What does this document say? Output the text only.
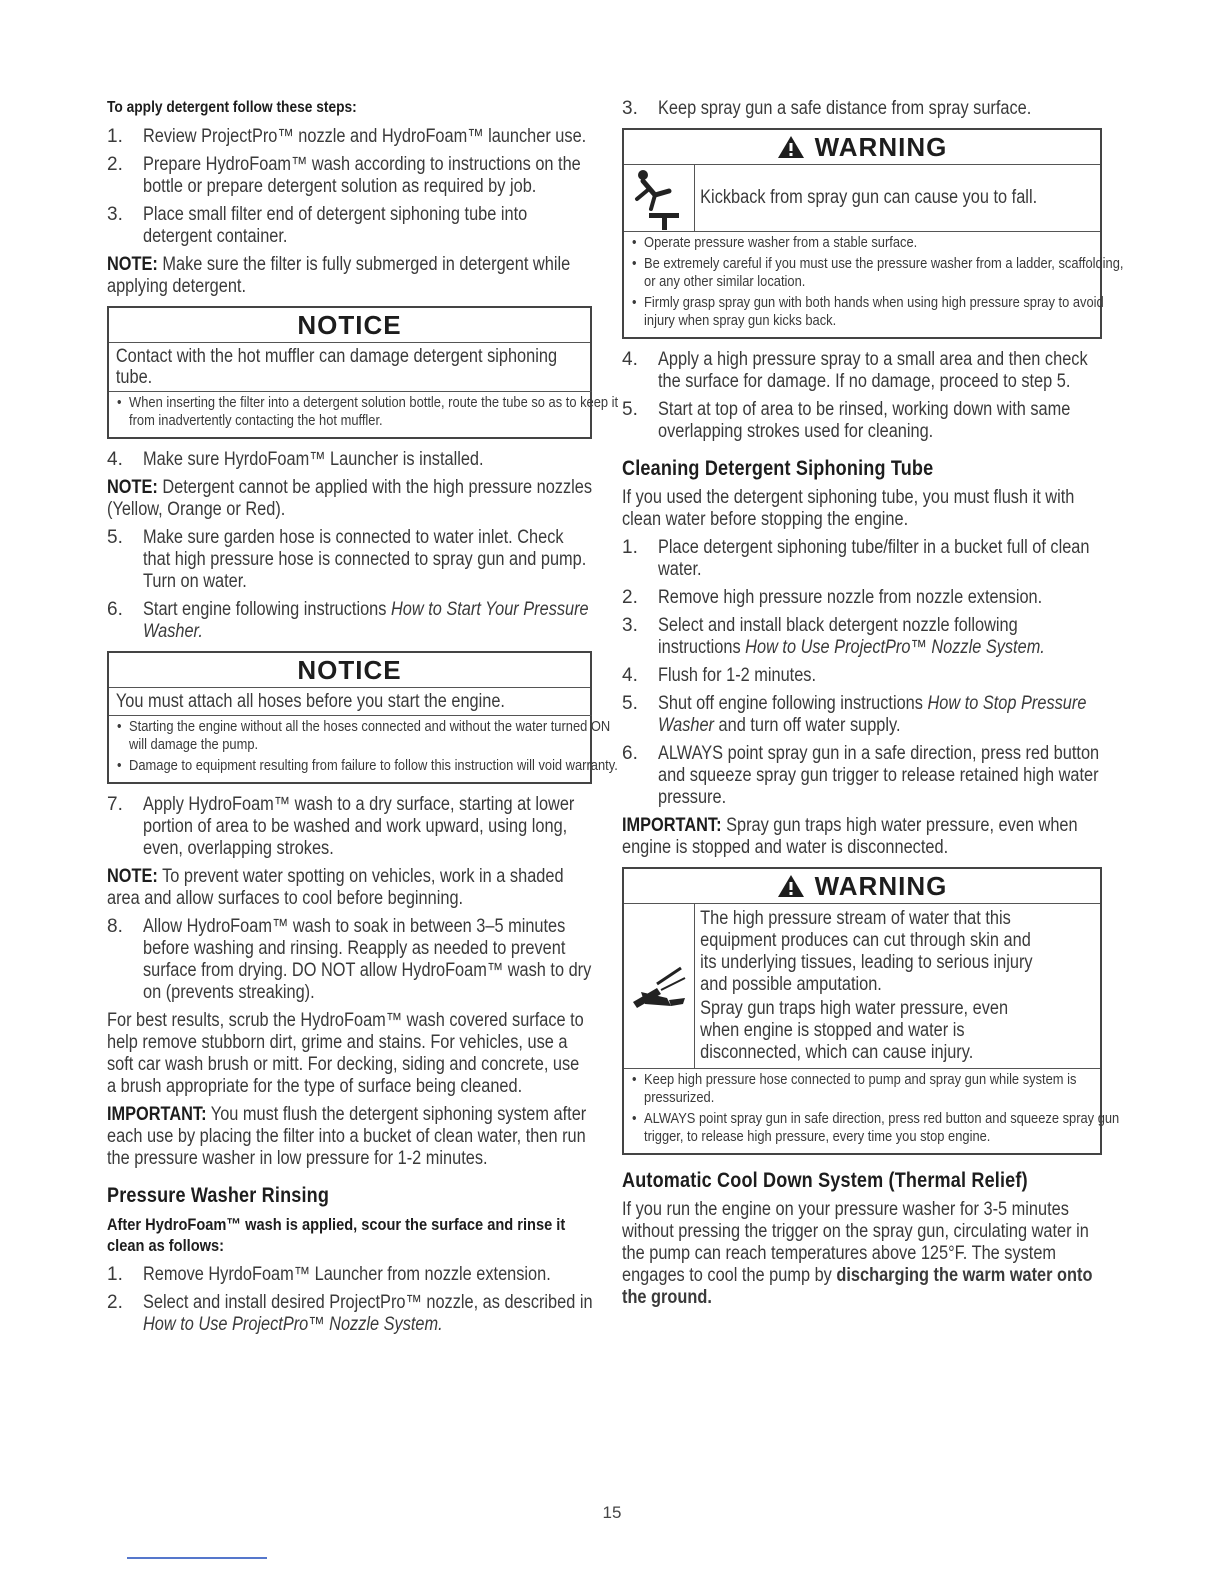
To apply detergent follow these steps:
1. Review ProjectPro™ nozzle and HydroFoam™ launcher use.
2. Prepare HydroFoam™ wash according to instructions on the bottle or prepare detergent solution as required by job.
3. Place small filter end of detergent siphoning tube into detergent container.
NOTE: Make sure the filter is fully submerged in detergent while applying detergent.
NOTICE
Contact with the hot muffler can damage detergent siphoning tube.
• When inserting the filter into a detergent solution bottle, route the tube so as to keep it from inadvertently contacting the hot muffler.
4. Make sure HyrdoFoam™ Launcher is installed.
NOTE: Detergent cannot be applied with the high pressure nozzles (Yellow, Orange or Red).
5. Make sure garden hose is connected to water inlet. Check that high pressure hose is connected to spray gun and pump. Turn on water.
6. Start engine following instructions How to Start Your Pressure Washer.
NOTICE
You must attach all hoses before you start the engine.
• Starting the engine without all the hoses connected and without the water turned ON will damage the pump.
• Damage to equipment resulting from failure to follow this instruction will void warranty.
7. Apply HydroFoam™ wash to a dry surface, starting at lower portion of area to be washed and work upward, using long, even, overlapping strokes.
NOTE: To prevent water spotting on vehicles, work in a shaded area and allow surfaces to cool before beginning.
8. Allow HydroFoam™ wash to soak in between 3–5 minutes before washing and rinsing. Reapply as needed to prevent surface from drying. DO NOT allow HydroFoam™ wash to dry on (prevents streaking).
For best results, scrub the HydroFoam™ wash covered surface to help remove stubborn dirt, grime and stains. For vehicles, use a soft car wash brush or mitt. For decking, siding and concrete, use a brush appropriate for the type of surface being cleaned.
IMPORTANT: You must flush the detergent siphoning system after each use by placing the filter into a bucket of clean water, then run the pressure washer in low pressure for 1-2 minutes.
Pressure Washer Rinsing
After HydroFoam™ wash is applied, scour the surface and rinse it clean as follows:
1. Remove HyrdoFoam™ Launcher from nozzle extension.
2. Select and install desired ProjectPro™ nozzle, as described in How to Use ProjectPro™ Nozzle System.
3. Keep spray gun a safe distance from spray surface.
WARNING
Kickback from spray gun can cause you to fall.
• Operate pressure washer from a stable surface.
• Be extremely careful if you must use the pressure washer from a ladder, scaffolding, or any other similar location.
• Firmly grasp spray gun with both hands when using high pressure spray to avoid injury when spray gun kicks back.
4. Apply a high pressure spray to a small area and then check the surface for damage. If no damage, proceed to step 5.
5. Start at top of area to be rinsed, working down with same overlapping strokes used for cleaning.
Cleaning Detergent Siphoning Tube
If you used the detergent siphoning tube, you must flush it with clean water before stopping the engine.
1. Place detergent siphoning tube/filter in a bucket full of clean water.
2. Remove high pressure nozzle from nozzle extension.
3. Select and install black detergent nozzle following instructions How to Use ProjectPro™ Nozzle System.
4. Flush for 1-2 minutes.
5. Shut off engine following instructions How to Stop Pressure Washer and turn off water supply.
6. ALWAYS point spray gun in a safe direction, press red button and squeeze spray gun trigger to release retained high water pressure.
IMPORTANT: Spray gun traps high water pressure, even when engine is stopped and water is disconnected.
WARNING
The high pressure stream of water that this equipment produces can cut through skin and its underlying tissues, leading to serious injury and possible amputation.
Spray gun traps high water pressure, even when engine is stopped and water is disconnected, which can cause injury.
• Keep high pressure hose connected to pump and spray gun while system is pressurized.
• ALWAYS point spray gun in safe direction, press red button and squeeze spray gun trigger, to release high pressure, every time you stop engine.
Automatic Cool Down System (Thermal Relief)
If you run the engine on your pressure washer for 3-5 minutes without pressing the trigger on the spray gun, circulating water in the pump can reach temperatures above 125°F. The system engages to cool the pump by discharging the warm water onto the ground.
15
